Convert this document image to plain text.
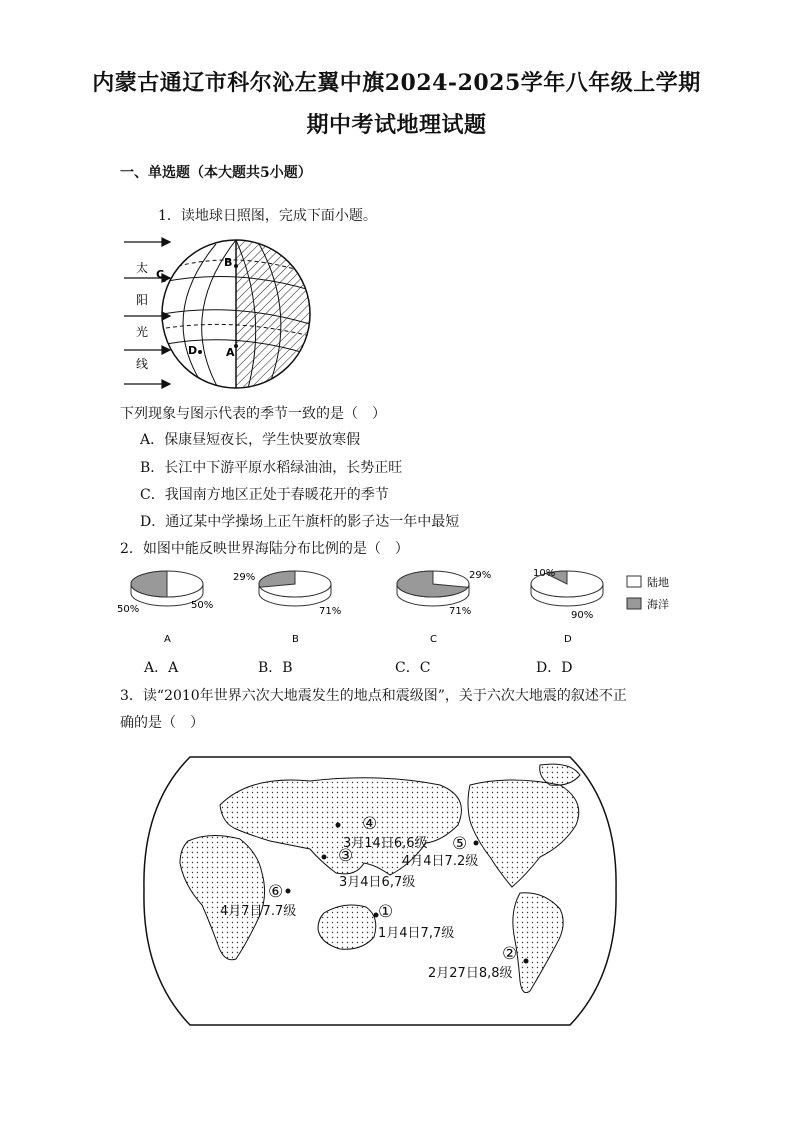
内蒙古通辽市科尔沁左翼中旗2024-2025学年八年级上学期
期中考试地理试题
一、单选题（本大题共5小题）
1．读地球日照图，完成下面小题。
太
阳
光
线
B
A
C
D
下列现象与图示代表的季节一致的是（　）
A．保康昼短夜长，学生快要放寒假
B．长江中下游平原水稻绿油油，长势正旺
C．我国南方地区正处于春暖花开的季节
D．通辽某中学操场上正午旗杆的影子达一年中最短
2．如图中能反映世界海陆分布比例的是（　）
50%	50%
A
29%
71%
B
29%
71%
C
10%
90%
D
陆地
海洋
A．A	B．B	C．C	D．D
3．读“2010年世界六次大地震发生的地点和震级图”，关于六次大地震的叙述不正
确的是（　）
④
3月14日6,6级 ⑤
4月4日7.2级
③
3月4日6,7级
⑥
4月7日7.7级	①
1月4日7,7级
②
2月27日8,8级
